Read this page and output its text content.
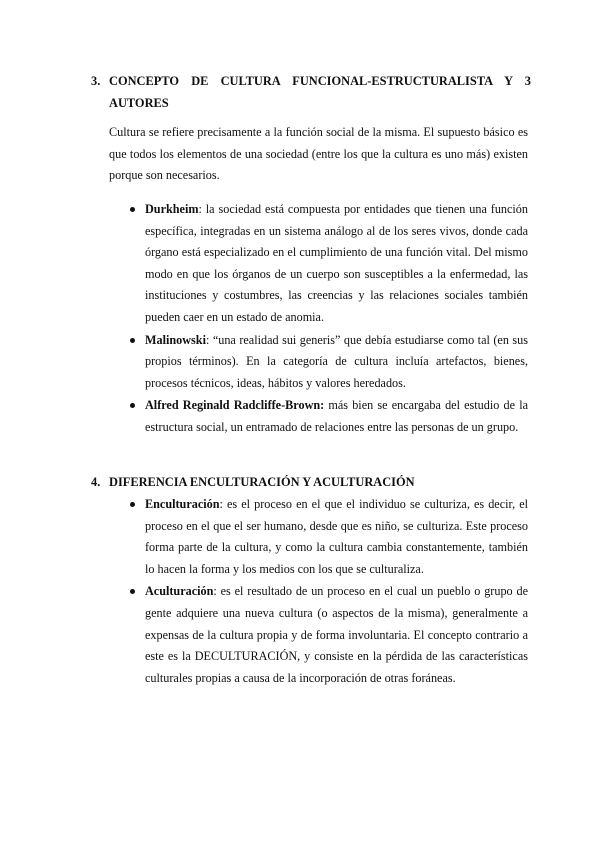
3. CONCEPTO DE CULTURA FUNCIONAL-ESTRUCTURALISTA Y 3
AUTORES

Cultura se refiere precisamente a la función social de la misma. El supuesto básico es que todos los elementos de una sociedad (entre los que la cultura es uno más) existen porque son necesarios.

Durkheim: la sociedad está compuesta por entidades que tienen una función específica, integradas en un sistema análogo al de los seres vivos, donde cada órgano está especializado en el cumplimiento de una función vital. Del mismo modo en que los órganos de un cuerpo son susceptibles a la enfermedad, las instituciones y costumbres, las creencias y las relaciones sociales también pueden caer en un estado de anomia.
Malinowski: “una realidad sui generis” que debía estudiarse como tal (en sus propios términos). En la categoría de cultura incluía artefactos, bienes, procesos técnicos, ideas, hábitos y valores heredados.
Alfred Reginald Radcliffe-Brown: más bien se encargaba del estudio de la estructura social, un entramado de relaciones entre las personas de un grupo.
4. DIFERENCIA ENCULTURACIÓN Y ACULTURACIÓN
Enculturación: es el proceso en el que el individuo se culturiza, es decir, el proceso en el que el ser humano, desde que es niño, se culturiza. Este proceso forma parte de la cultura, y como la cultura cambia constantemente, también lo hacen la forma y los medios con los que se culturaliza.
Aculturación: es el resultado de un proceso en el cual un pueblo o grupo de gente adquiere una nueva cultura (o aspectos de la misma), generalmente a expensas de la cultura propia y de forma involuntaria. El concepto contrario a este es la DECULTURACIÓN, y consiste en la pérdida de las características culturales propias a causa de la incorporación de otras foráneas.
